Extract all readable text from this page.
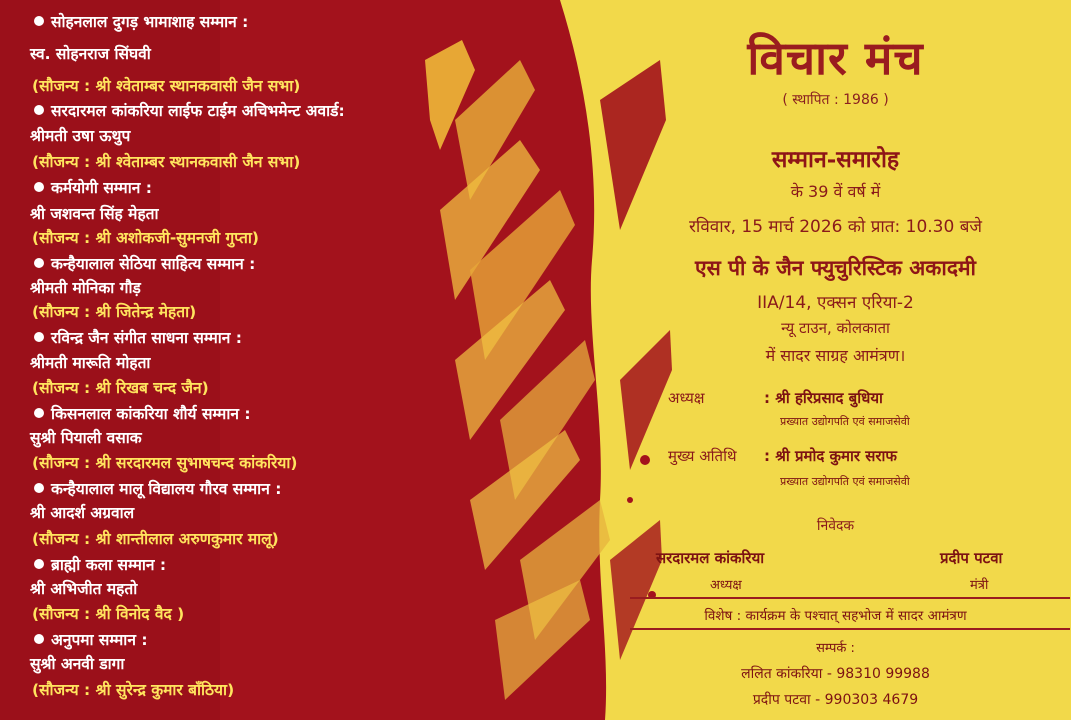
सोहनलाल दुगड़ भामाशाह सम्मान :
स्व. सोहनराज सिंघवी
(सौजन्य : श्री श्वेताम्बर स्थानकवासी जैन सभा)
सरदारमल कांकरिया लाईफ टाईम अचिभमेन्ट अवार्ड:
श्रीमती उषा ऊथुप
(सौजन्य : श्री श्वेताम्बर स्थानकवासी जैन सभा)
कर्मयोगी सम्मान :
श्री जशवन्त सिंह मेहता
(सौजन्य : श्री अशोकजी-सुमनजी गुप्ता)
कन्हैयालाल सेठिया साहित्य सम्मान :
श्रीमती मोनिका गौड़
(सौजन्य : श्री जितेन्द्र मेहता)
रविन्द्र जैन संगीत साधना सम्मान :
श्रीमती मारूति मोहता
(सौजन्य : श्री रिखब चन्द जैन)
किसनलाल कांकरिया शौर्य सम्मान :
सुश्री पियाली वसाक
(सौजन्य : श्री सरदारमल सुभाषचन्द कांकरिया)
कन्हैयालाल मालू विद्यालय गौरव सम्मान :
श्री आदर्श अग्रवाल
(सौजन्य : श्री शान्तीलाल अरुणकुमार मालू)
ब्राह्मी कला सम्मान :
श्री अभिजीत महतो
(सौजन्य : श्री विनोद वैद )
अनुपमा सम्मान :
सुश्री अनवी डागा
(सौजन्य : श्री सुरेन्द्र कुमार बाँठिया)
विचार मंच
( स्थापित : 1986 )
सम्मान-समारोह
के 39 वें वर्ष में
रविवार, 15 मार्च 2026 को प्रात: 10.30 बजे
एस पी के जैन फ्युचुरिस्टिक अकादमी
IIA/14, एक्सन एरिया-2
न्यू टाउन, कोलकाता
में सादर साग्रह आमंत्रण।
अध्यक्ष	: श्री हरिप्रसाद बुधिया
प्रख्यात उद्योगपति एवं समाजसेवी
मुख्य अतिथि : श्री प्रमोद कुमार सराफ
प्रख्यात उद्योगपति एवं समाजसेवी
निवेदक
सरदारमल कांकरिया
अध्यक्ष
प्रदीप पटवा
मंत्री
विशेष : कार्यक्रम के पश्चात् सहभोज में सादर आमंत्रण
सम्पर्क :
ललित कांकरिया - 98310 99988
प्रदीप पटवा - 990303 4679
